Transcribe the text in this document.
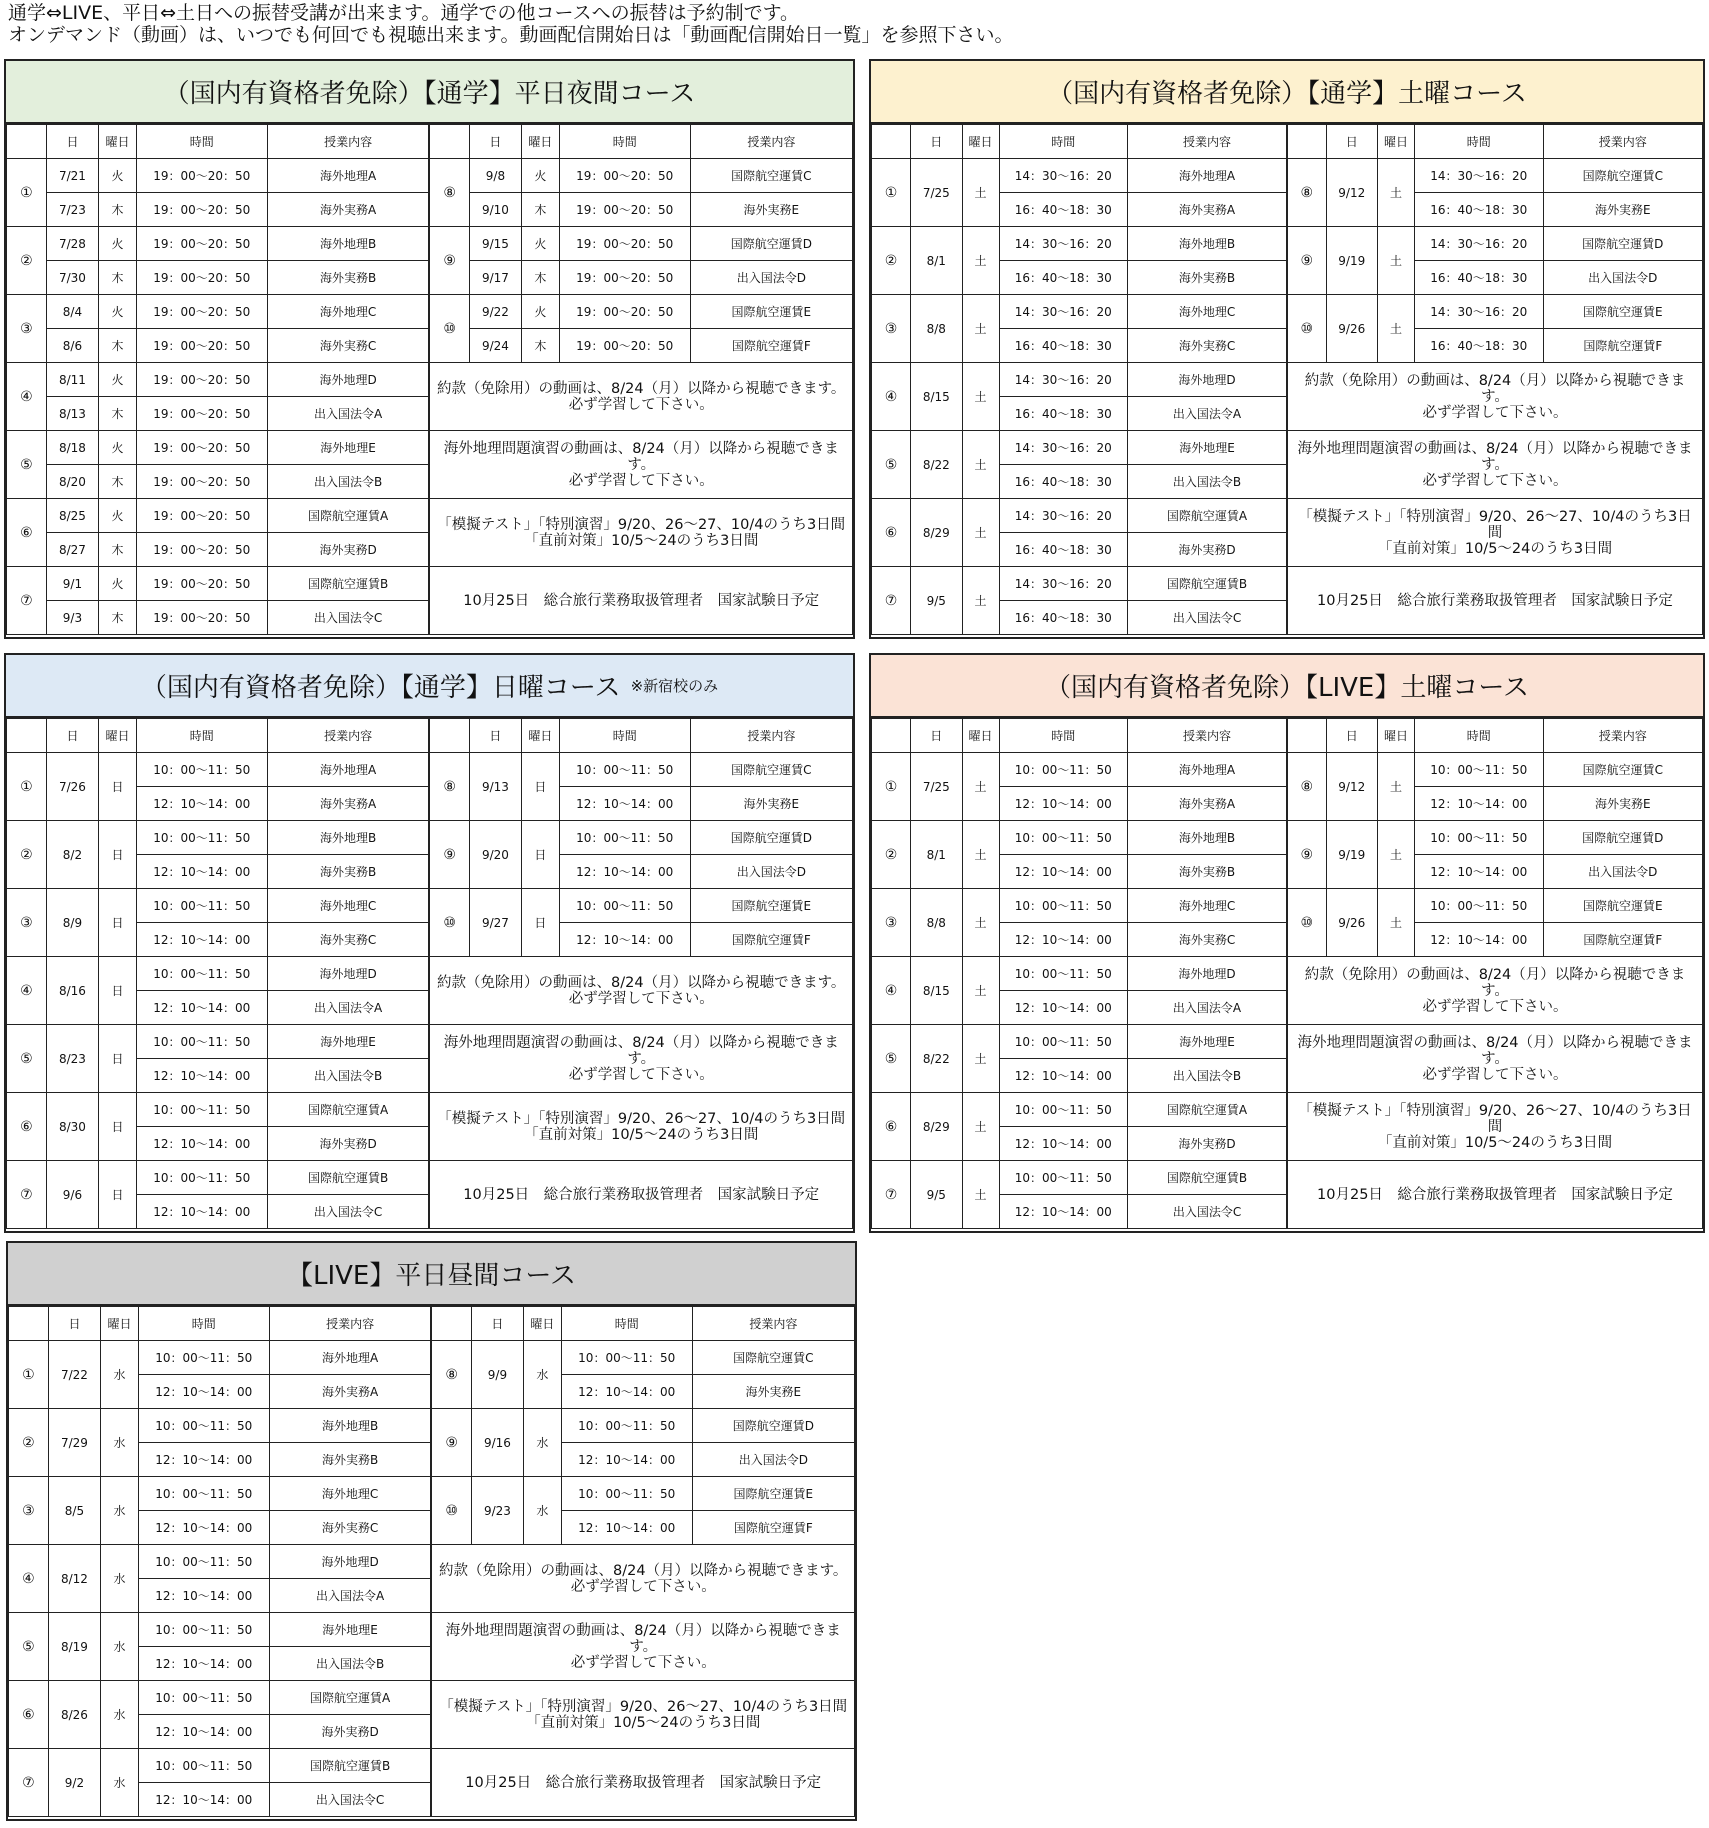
通学⇔LIVE、平日⇔土日への振替受講が出来ます。通学での他コースへの振替は予約制です。
オンデマンド（動画）は、いつでも何回でも視聴出来ます。動画配信開始日は「動画配信開始日一覧」を参照下さい。
（国内有資格者免除）【通学】平日夜間コース
	日	曜日	時間	授業内容		日	曜日	時間	授業内容
①	7/21	火	19：00〜20：50	海外地理A	⑧	9/8	火	19：00〜20：50	国際航空運賃C
	7/23	木	19：00〜20：50	海外実務A		9/10	木	19：00〜20：50	海外実務E
②	7/28	火	19：00〜20：50	海外地理B	⑨	9/15	火	19：00〜20：50	国際航空運賃D
	7/30	木	19：00〜20：50	海外実務B		9/17	木	19：00〜20：50	出入国法令D
③	8/4	火	19：00〜20：50	海外地理C	⑩	9/22	火	19：00〜20：50	国際航空運賃E
	8/6	木	19：00〜20：50	海外実務C		9/24	木	19：00〜20：50	国際航空運賃F
④	8/11	火	19：00〜20：50	海外地理D	約款（免除用）の動画は、8/24（月）以降から視聴できます。
必ず学習して下さい。				

	8/13	木	19：00〜20：50	出入国法令A					
⑤	8/18	火	19：00〜20：50	海外地理E	海外地理問題演習の動画は、8/24（月）以降から視聴できます。
必ず学習して下さい。				

	8/20	木	19：00〜20：50	出入国法令B					
⑥	8/25	火	19：00〜20：50	国際航空運賃A	「模擬テスト」「特別演習」9/20、26〜27、10/4のうち3日間
「直前対策」10/5〜24のうち3日間				

	8/27	木	19：00〜20：50	海外実務D					
⑦	9/1	火	19：00〜20：50	国際航空運賃B	10月25日　総合旅行業務取扱管理者　国家試験日予定				

	9/3	木	19：00〜20：50	出入国法令C					
（国内有資格者免除）【通学】土曜コース
	日	曜日	時間	授業内容		日	曜日	時間	授業内容
①	7/25	土	14：30〜16：20	海外地理A	⑧	9/12	土	14：30〜16：20	国際航空運賃C
			16：40〜18：30	海外実務A				16：40〜18：30	海外実務E
②	8/1	土	14：30〜16：20	海外地理B	⑨	9/19	土	14：30〜16：20	国際航空運賃D
			16：40〜18：30	海外実務B				16：40〜18：30	出入国法令D
③	8/8	土	14：30〜16：20	海外地理C	⑩	9/26	土	14：30〜16：20	国際航空運賃E
			16：40〜18：30	海外実務C				16：40〜18：30	国際航空運賃F
④	8/15	土	14：30〜16：20	海外地理D	約款（免除用）の動画は、8/24（月）以降から視聴できます。
必ず学習して下さい。				

			16：40〜18：30	出入国法令A					
⑤	8/22	土	14：30〜16：20	海外地理E	海外地理問題演習の動画は、8/24（月）以降から視聴できます。
必ず学習して下さい。				

			16：40〜18：30	出入国法令B					
⑥	8/29	土	14：30〜16：20	国際航空運賃A	「模擬テスト」「特別演習」9/20、26〜27、10/4のうち3日間
「直前対策」10/5〜24のうち3日間				

			16：40〜18：30	海外実務D					
⑦	9/5	土	14：30〜16：20	国際航空運賃B	10月25日　総合旅行業務取扱管理者　国家試験日予定				

			16：40〜18：30	出入国法令C					
（国内有資格者免除）【通学】日曜コース ※新宿校のみ
	日	曜日	時間	授業内容		日	曜日	時間	授業内容
①	7/26	日	10：00〜11：50	海外地理A	⑧	9/13	日	10：00〜11：50	国際航空運賃C
			12：10〜14：00	海外実務A				12：10〜14：00	海外実務E
②	8/2	日	10：00〜11：50	海外地理B	⑨	9/20	日	10：00〜11：50	国際航空運賃D
			12：10〜14：00	海外実務B				12：10〜14：00	出入国法令D
③	8/9	日	10：00〜11：50	海外地理C	⑩	9/27	日	10：00〜11：50	国際航空運賃E
			12：10〜14：00	海外実務C				12：10〜14：00	国際航空運賃F
④	8/16	日	10：00〜11：50	海外地理D	約款（免除用）の動画は、8/24（月）以降から視聴できます。
必ず学習して下さい。				

			12：10〜14：00	出入国法令A					
⑤	8/23	日	10：00〜11：50	海外地理E	海外地理問題演習の動画は、8/24（月）以降から視聴できます。
必ず学習して下さい。				

			12：10〜14：00	出入国法令B					
⑥	8/30	日	10：00〜11：50	国際航空運賃A	「模擬テスト」「特別演習」9/20、26〜27、10/4のうち3日間
「直前対策」10/5〜24のうち3日間				

			12：10〜14：00	海外実務D					
⑦	9/6	日	10：00〜11：50	国際航空運賃B	10月25日　総合旅行業務取扱管理者　国家試験日予定				

			12：10〜14：00	出入国法令C					
（国内有資格者免除）【LIVE】土曜コース
	日	曜日	時間	授業内容		日	曜日	時間	授業内容
①	7/25	土	10：00〜11：50	海外地理A	⑧	9/12	土	10：00〜11：50	国際航空運賃C
			12：10〜14：00	海外実務A				12：10〜14：00	海外実務E
②	8/1	土	10：00〜11：50	海外地理B	⑨	9/19	土	10：00〜11：50	国際航空運賃D
			12：10〜14：00	海外実務B				12：10〜14：00	出入国法令D
③	8/8	土	10：00〜11：50	海外地理C	⑩	9/26	土	10：00〜11：50	国際航空運賃E
			12：10〜14：00	海外実務C				12：10〜14：00	国際航空運賃F
④	8/15	土	10：00〜11：50	海外地理D	約款（免除用）の動画は、8/24（月）以降から視聴できます。
必ず学習して下さい。				

			12：10〜14：00	出入国法令A					
⑤	8/22	土	10：00〜11：50	海外地理E	海外地理問題演習の動画は、8/24（月）以降から視聴できます。
必ず学習して下さい。				

			12：10〜14：00	出入国法令B					
⑥	8/29	土	10：00〜11：50	国際航空運賃A	「模擬テスト」「特別演習」9/20、26〜27、10/4のうち3日間
「直前対策」10/5〜24のうち3日間				

			12：10〜14：00	海外実務D					
⑦	9/5	土	10：00〜11：50	国際航空運賃B	10月25日　総合旅行業務取扱管理者　国家試験日予定				

			12：10〜14：00	出入国法令C					
【LIVE】平日昼間コース
	日	曜日	時間	授業内容		日	曜日	時間	授業内容
①	7/22	水	10：00〜11：50	海外地理A	⑧	9/9	水	10：00〜11：50	国際航空運賃C
			12：10〜14：00	海外実務A				12：10〜14：00	海外実務E
②	7/29	水	10：00〜11：50	海外地理B	⑨	9/16	水	10：00〜11：50	国際航空運賃D
			12：10〜14：00	海外実務B				12：10〜14：00	出入国法令D
③	8/5	水	10：00〜11：50	海外地理C	⑩	9/23	水	10：00〜11：50	国際航空運賃E
			12：10〜14：00	海外実務C				12：10〜14：00	国際航空運賃F
④	8/12	水	10：00〜11：50	海外地理D	約款（免除用）の動画は、8/24（月）以降から視聴できます。
必ず学習して下さい。				

			12：10〜14：00	出入国法令A					
⑤	8/19	水	10：00〜11：50	海外地理E	海外地理問題演習の動画は、8/24（月）以降から視聴できます。
必ず学習して下さい。				

			12：10〜14：00	出入国法令B					
⑥	8/26	水	10：00〜11：50	国際航空運賃A	「模擬テスト」「特別演習」9/20、26〜27、10/4のうち3日間
「直前対策」10/5〜24のうち3日間				

			12：10〜14：00	海外実務D					
⑦	9/2	水	10：00〜11：50	国際航空運賃B	10月25日　総合旅行業務取扱管理者　国家試験日予定				

			12：10〜14：00	出入国法令C					
